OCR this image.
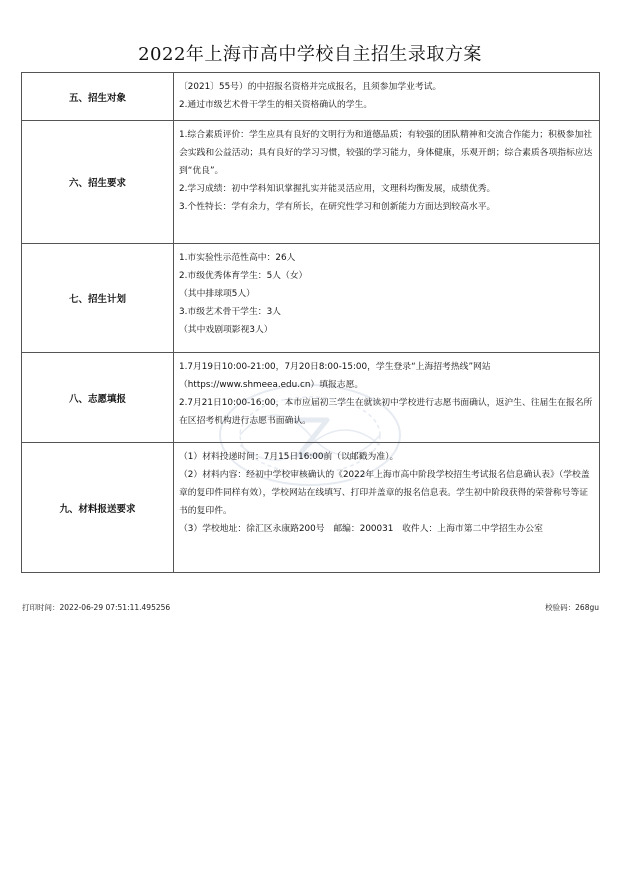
2022年上海市高中学校自主招生录取方案
五、招生对象	〔2021〕55号）的中招报名资格并完成报名，且须参加学业考试。
2.通过市级艺术骨干学生的相关资格确认的学生。

六、招生要求	1.综合素质评价：学生应具有良好的文明行为和道德品质；有较强的团队精神和交流合作能力；积极参加社会实践和公益活动；具有良好的学习习惯，较强的学习能力，身体健康，乐观开朗；综合素质各项指标应达到“优良”。
2.学习成绩：初中学科知识掌握扎实并能灵活应用，文理科均衡发展，成绩优秀。
3.个性特长：学有余力，学有所长，在研究性学习和创新能力方面达到较高水平。

七、招生计划	1.市实验性示范性高中：26人
2.市级优秀体育学生：5人（女）
（其中排球项5人）
3.市级艺术骨干学生：3人
（其中戏剧项影视3人）

八、志愿填报	1.7月19日10:00-21:00，7月20日8:00-15:00，学生登录“上海招考热线”网站（https://www.shmeea.edu.cn）填报志愿。
2.7月21日10:00-16:00，本市应届初三学生在就读初中学校进行志愿书面确认，返沪生、往届生在报名所在区招考机构进行志愿书面确认。

九、材料报送要求	（1）材料投递时间：7月15日16:00前（以邮戳为准）。
（2）材料内容：经初中学校审核确认的《2022年上海市高中阶段学校招生考试报名信息确认表》（学校盖章的复印件同样有效），学校网站在线填写、打印并盖章的报名信息表。学生初中阶段获得的荣誉称号等证书的复印件。
（3）学校地址：徐汇区永康路200号　邮编：200031　收件人：上海市第二中学招生办公室
打印时间：2022-06-29 07:51:11.495256	校验码：268gu
